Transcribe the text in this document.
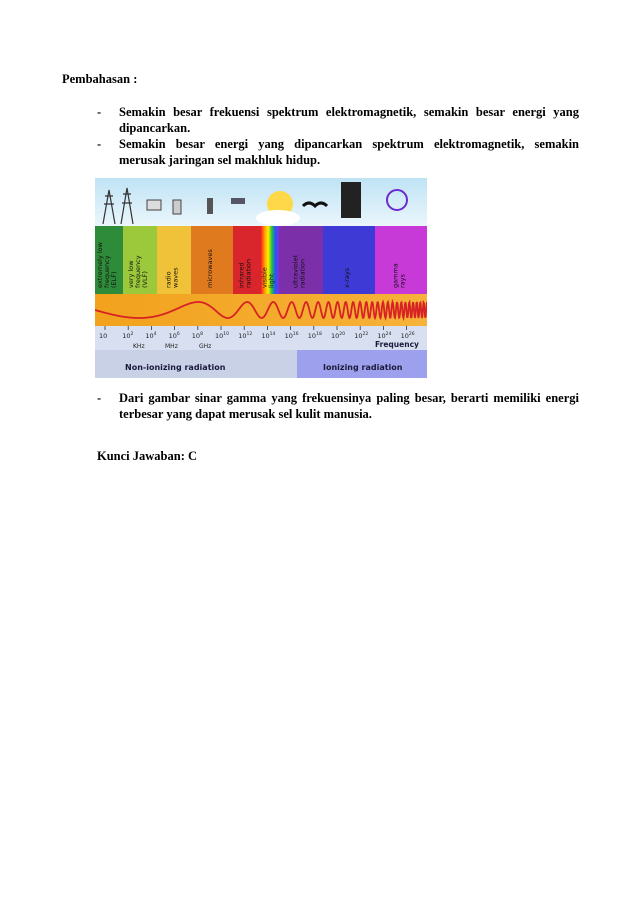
Pembahasan :
-	Semakin besar frekuensi spektrum elektromagnetik, semakin besar energi yang dipancarkan.
-	Semakin besar energi yang dipancarkan spektrum elektromagnetik, semakin merusak jaringan sel makhluk hidup.
extremely lowfrequency(ELF) very lowfrequency(VLF) radiowaves	microwaves	infraredradiation visiblelight ultravioletradiation	x-rays	gammarays
10 $10^2$ $10^4$ $10^6$ $10^8$ $10^{10}$ $10^{12}$ $10^{14}$ $10^{16}$ $10^{18}$ $10^{20}$ $10^{22}$ $10^{24}$ $10^{26}$
KHz	MHz	GHz
Non-ionizing radiation	Ionizing radiation
Frequency
-	Dari gambar sinar gamma yang frekuensinya paling besar, berarti memiliki energi terbesar yang dapat merusak sel kulit manusia.
Kunci Jawaban: C
